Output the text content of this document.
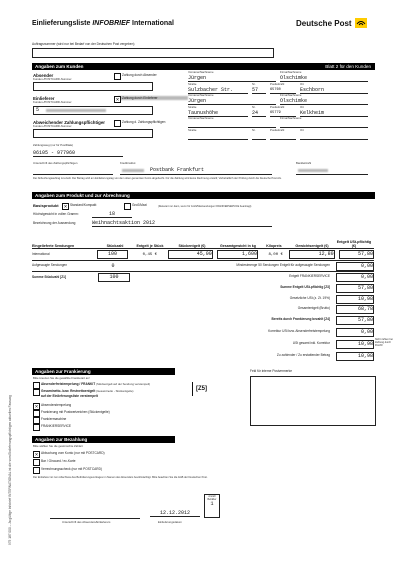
Einlieferungsliste INFOBRIEF International	Deutsche Post
Auftragsnummer (wird nur bei Bedarf von der Deutschen Post vergeben)
Angaben zum Kunden	Blatt 2 für den Kunden
Absender
Kunden-/POSTCARD-Nummer
Zahlung durch Absender
Vorname/Nachname	Firma/Nachname
Jürgen	Olschimke
Straße	Nr.	Postleitzahl	Ort
Sulzbacher Str.	57	65760	Eschborn
Einlieferer
Kunden-/POSTCARD-Nummer
5
✕ Zahlung durch Einlieferer
Vorname/Nachname	Firma/Nachname
Jürgen	Olschimke
Straße	Nr.	Postleitzahl	Ort
Taunushöhe	24	65779	Kelkheim
Abweichender Zahlungspflichtiger
Kunden-/POSTCARD-Nummer
Zahlung d. Zahlungspflichtigen
Vorname/Nachname	Firma/Nachname
Straße	Nr.	Postleitzahl	Ort
Zahlungsweg (nur für Postfiliale)
06105 - 977960
Unterschrift des Zahlungspflichtigen	Kreditinstitut
Postbank Frankfurt
Bankleitzahl
Der Abbuchungsauftrag ist erteilt. Der Betrag wird am Einlieferungstag von dem oben genannten Konto abgebucht. Für die Zahlung wird keine Rechnung erstellt; Vorbehaltlich der Prüfung durch die Deutsche Post AG.
Angaben zum Produkt und zur Abrechnung
Basisprodukt	✕ Standard/Kompakt	Groß/Maxi	(Relevant nur dann, wenn für Groß/Maxisendungen FRANKIERSERVICE beantragt)
Höchstgewicht in vollen Gramm:	18
Bezeichnung der Aussendung	Weihnachtsaktion 2012
Eingelieferte Sendungen	Stückzahl	Entgelt je Stück	Stückentgelt (€)	Gesamtgewicht in kg	Kilopreis	Gewichtsentgelt (€)
Entgelt USt-pflichtig (€)
International	100	0,45 €	45,00	1,600	8,00 €	12,80	57,80
Aufgesaugte Sendungen	0
Summe Stückzahl [Z1]	100
Mindestmenge 50 Sendungen Entgelt für aufgesaugte Sendungen	0,00
Entgelt FRANKIERSERVICE	0,00
Summe Entgelt USt-pflichtig [Z3]	57,80
Gesetzliche USt (z. Zt. 19%)	10,98
Gesamtentgelt (Brutto)	68,78
Bereits durch Frankierung bezahlt [Z4]	57,80
Korrektur USt bzw. Absenderfreistempelung	0,00
USt gesamt inkl. Korrektur	10,98
Zu zahlender / Zu erstattender Betrag	10,98
Nicht zahlen bei Zahlung durch Postfil.!
Angaben zur Frankierung
Bitte kreuzen Sie die gewählte Frankierart an!
Feld für interne Postvermerke
Absenderfreistempelung / FRANKIT (Stückentgelt auf der Sendung verstempelt)
Gesamtnetto- bzw. Restnettoentgelt (Gesamtnetto - Stückentgelte)
auf der Einlieferungsliste verstempelt
[Z5]
✕ Absenderstempelung
Frankierung mit Postwertzeichen (Stückentgelte)
Frankiermaschine
FRANKIERSERVICE
Angaben zur Bezahlung
Bitte wählen Sie die gewünschte Zahlart
✕ Abbuchung vom Konto (nur mit POSTCARD)
Bar / Girocard / ec-Karte
Verrechnungsscheck (nur mit POSTCARD)
Der Einlieferer ist zum Abschluss des Beförderungsvertrages im Namen des Absenders bevollmächtigt. Bitte beachten Sie die AGB der Deutschen Post.
Unterschrift des Absenders/Einlieferers
12.12.2012
Einlieferungsdatum
Anzahl Behälter
1
975 187 000 – Ja gültige Infobrief INTERNATIONAL ist die vom Einlieferungspflichtigen aktuellen Fassung
